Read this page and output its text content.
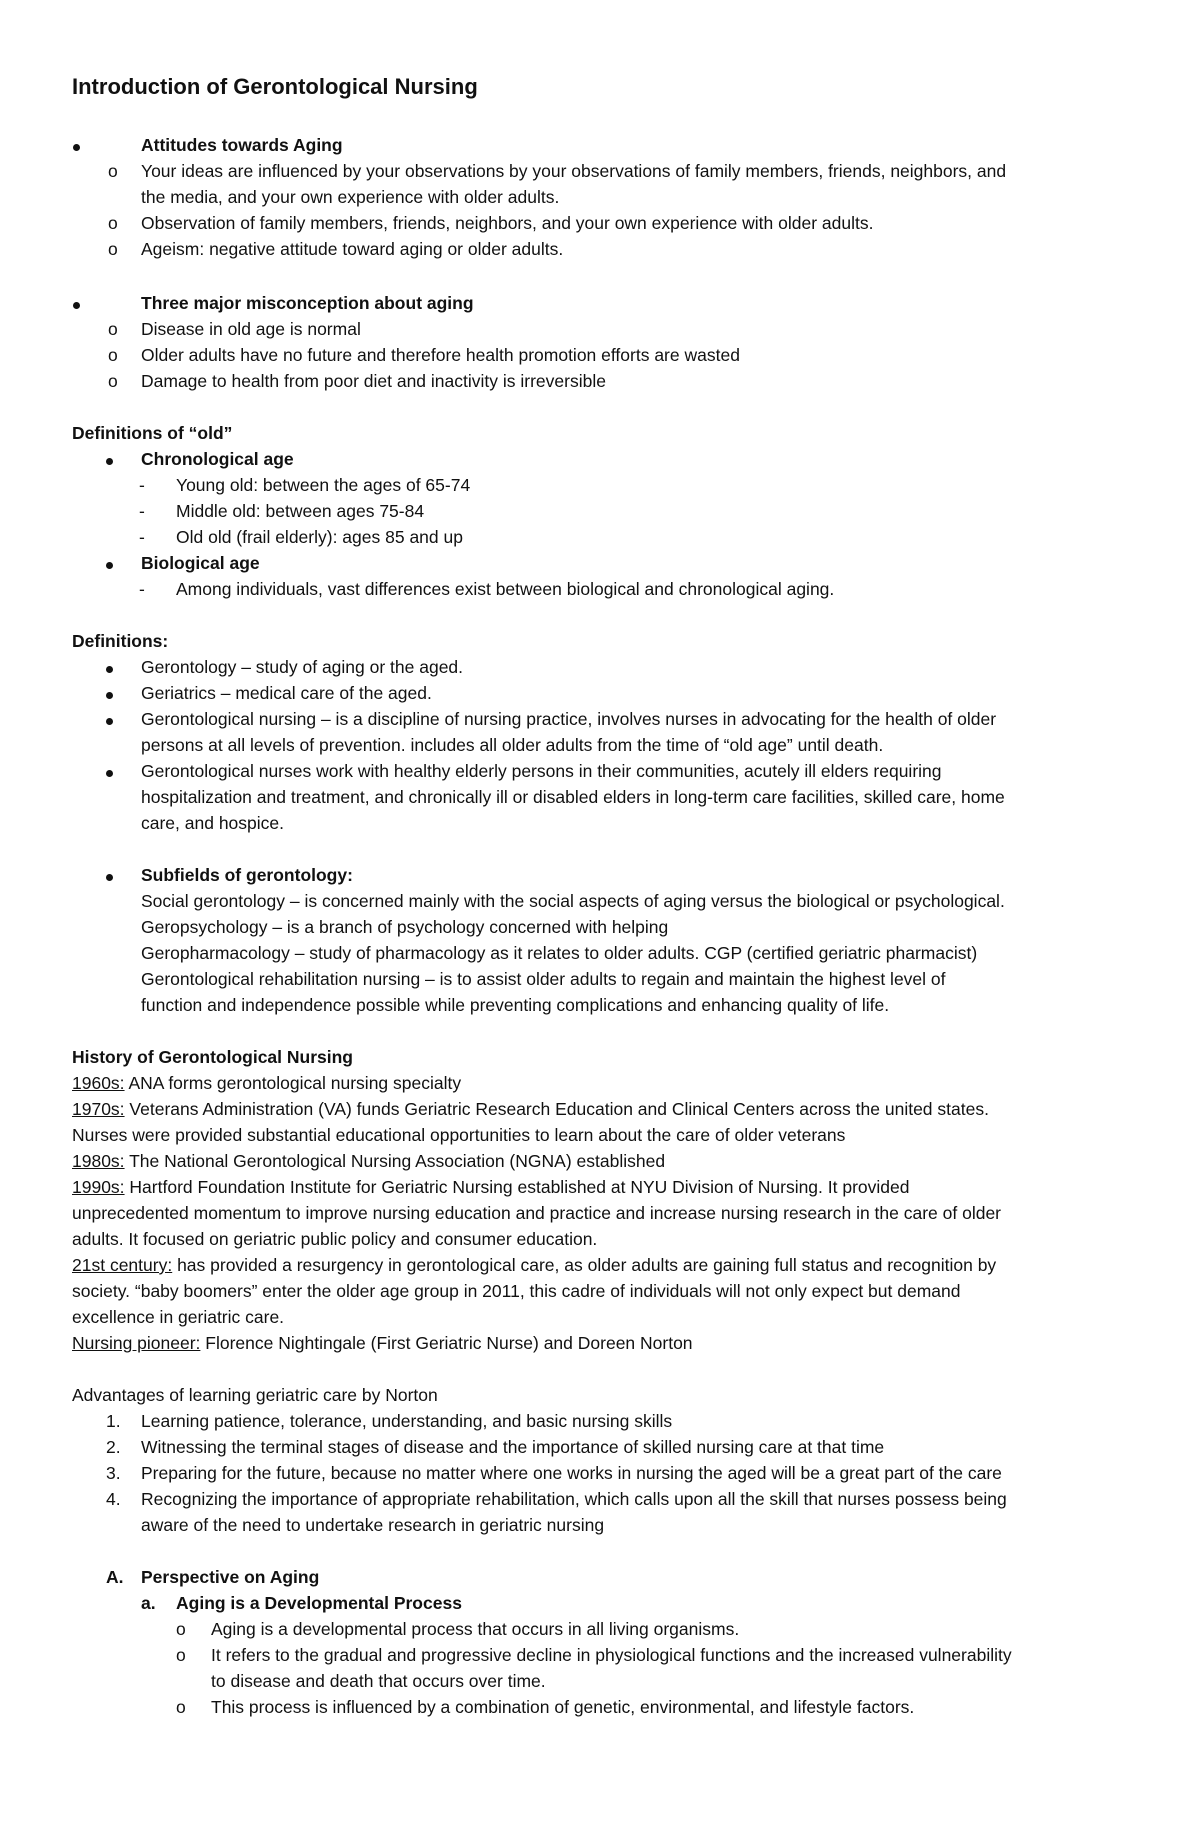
Introduction of Gerontological Nursing
Attitudes towards Aging
o Your ideas are influenced by your observations by your observations of family members, friends, neighbors, and
the media, and your own experience with older adults.
o Observation of family members, friends, neighbors, and your own experience with older adults.
o Ageism: negative attitude toward aging or older adults.
Three major misconception about aging
o Disease in old age is normal
o Older adults have no future and therefore health promotion efforts are wasted
o Damage to health from poor diet and inactivity is irreversible
Definitions of “old”
Chronological age
- Young old: between the ages of 65-74
- Middle old: between ages 75-84
- Old old (frail elderly): ages 85 and up
Biological age
- Among individuals, vast differences exist between biological and chronological aging.
Definitions:
Gerontology – study of aging or the aged.
Geriatrics – medical care of the aged.
Gerontological nursing – is a discipline of nursing practice, involves nurses in advocating for the health of older
persons at all levels of prevention. includes all older adults from the time of “old age” until death.
Gerontological nurses work with healthy elderly persons in their communities, acutely ill elders requiring
hospitalization and treatment, and chronically ill or disabled elders in long-term care facilities, skilled care, home
care, and hospice.
Subfields of gerontology:
Social gerontology – is concerned mainly with the social aspects of aging versus the biological or psychological.
Geropsychology – is a branch of psychology concerned with helping
Geropharmacology – study of pharmacology as it relates to older adults. CGP (certified geriatric pharmacist)
Gerontological rehabilitation nursing – is to assist older adults to regain and maintain the highest level of
function and independence possible while preventing complications and enhancing quality of life.
History of Gerontological Nursing
1960s: ANA forms gerontological nursing specialty
1970s: Veterans Administration (VA) funds Geriatric Research Education and Clinical Centers across the united states.
Nurses were provided substantial educational opportunities to learn about the care of older veterans
1980s: The National Gerontological Nursing Association (NGNA) established
1990s: Hartford Foundation Institute for Geriatric Nursing established at NYU Division of Nursing. It provided
unprecedented momentum to improve nursing education and practice and increase nursing research in the care of older
adults. It focused on geriatric public policy and consumer education.
21st century: has provided a resurgency in gerontological care, as older adults are gaining full status and recognition by
society. “baby boomers” enter the older age group in 2011, this cadre of individuals will not only expect but demand
excellence in geriatric care.
Nursing pioneer: Florence Nightingale (First Geriatric Nurse) and Doreen Norton
Advantages of learning geriatric care by Norton
1. Learning patience, tolerance, understanding, and basic nursing skills
2. Witnessing the terminal stages of disease and the importance of skilled nursing care at that time
3. Preparing for the future, because no matter where one works in nursing the aged will be a great part of the care
4. Recognizing the importance of appropriate rehabilitation, which calls upon all the skill that nurses possess being
aware of the need to undertake research in geriatric nursing
A. Perspective on Aging
a. Aging is a Developmental Process
o Aging is a developmental process that occurs in all living organisms.
o It refers to the gradual and progressive decline in physiological functions and the increased vulnerability
to disease and death that occurs over time.
o This process is influenced by a combination of genetic, environmental, and lifestyle factors.
